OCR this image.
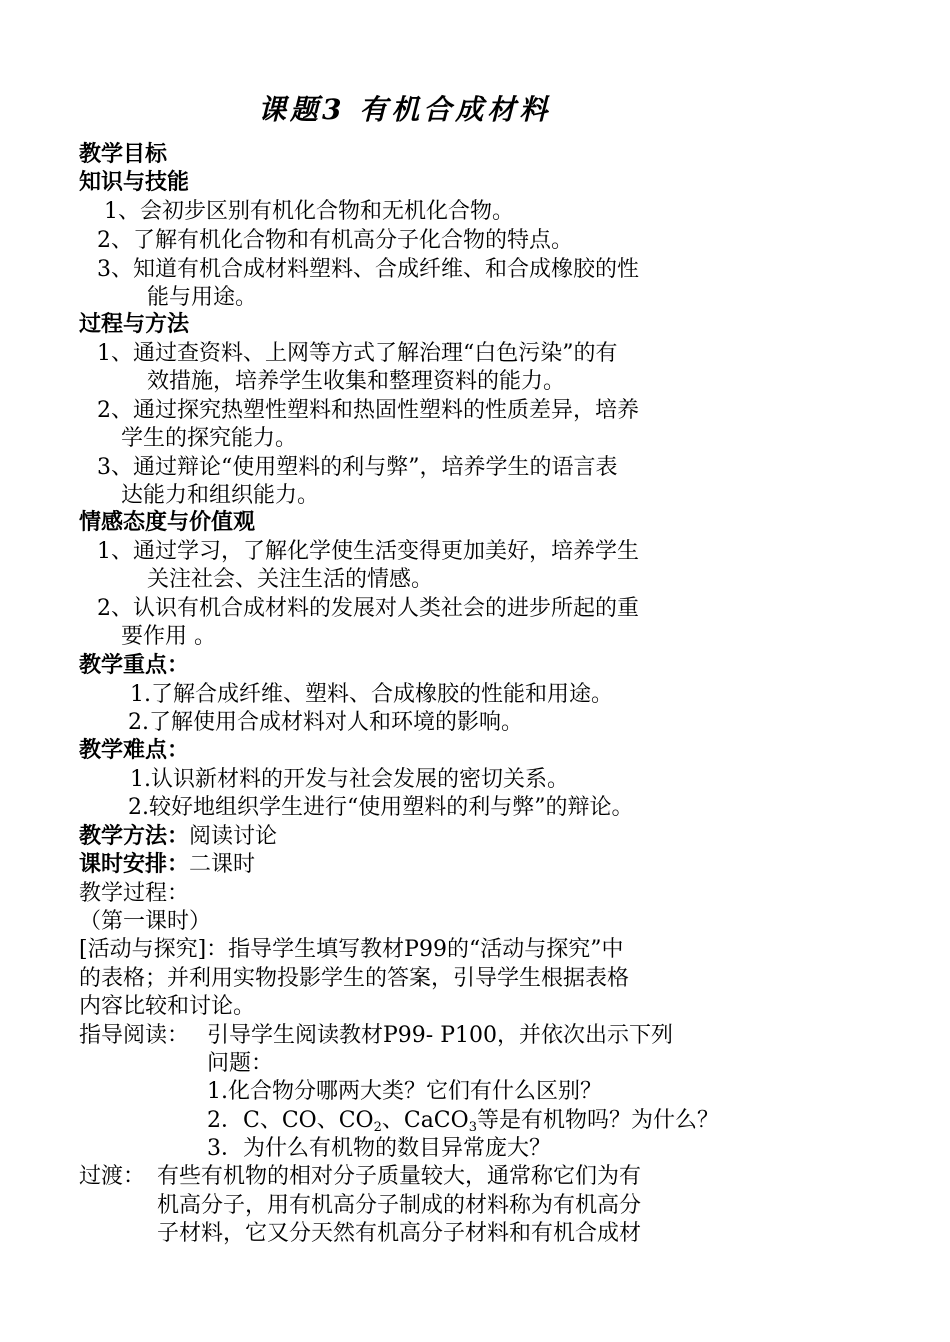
课题3 有机合成材料
教学目标
知识与技能
1、会初步区别有机化合物和无机化合物。
2、了解有机化合物和有机高分子化合物的特点。
3、知道有机合成材料塑料、合成纤维、和合成橡胶的性
能与用途。
过程与方法
1、通过查资料、上网等方式了解治理“白色污染”的有
效措施，培养学生收集和整理资料的能力。
2、通过探究热塑性塑料和热固性塑料的性质差异，培养
学生的探究能力。
3、通过辩论“使用塑料的利与弊”，培养学生的语言表
达能力和组织能力。
情感态度与价值观
1、通过学习，了解化学使生活变得更加美好，培养学生
关注社会、关注生活的情感。
2、认识有机合成材料的发展对人类社会的进步所起的重
要作用 。
教学重点：
1.了解合成纤维、塑料、合成橡胶的性能和用途。
2.了解使用合成材料对人和环境的影响。
教学难点：
1.认识新材料的开发与社会发展的密切关系。
2.较好地组织学生进行“使用塑料的利与弊”的辩论。
教学方法：阅读讨论
课时安排：二课时
教学过程：
（第一课时）
[活动与探究]：指导学生填写教材P99的“活动与探究”中
的表格；并利用实物投影学生的答案，引导学生根据表格
内容比较和讨论。
指导阅读： 引导学生阅读教材P99- P100，并依次出示下列
问题：
1.化合物分哪两大类？它们有什么区别？
2．C、CO、$CO_2$、CaCO$_3$等是有机物吗？为什么？
3．为什么有机物的数目异常庞大？
过渡： 有些有机物的相对分子质量较大，通常称它们为有
机高分子，用有机高分子制成的材料称为有机高分
子材料，它又分天然有机高分子材料和有机合成材
